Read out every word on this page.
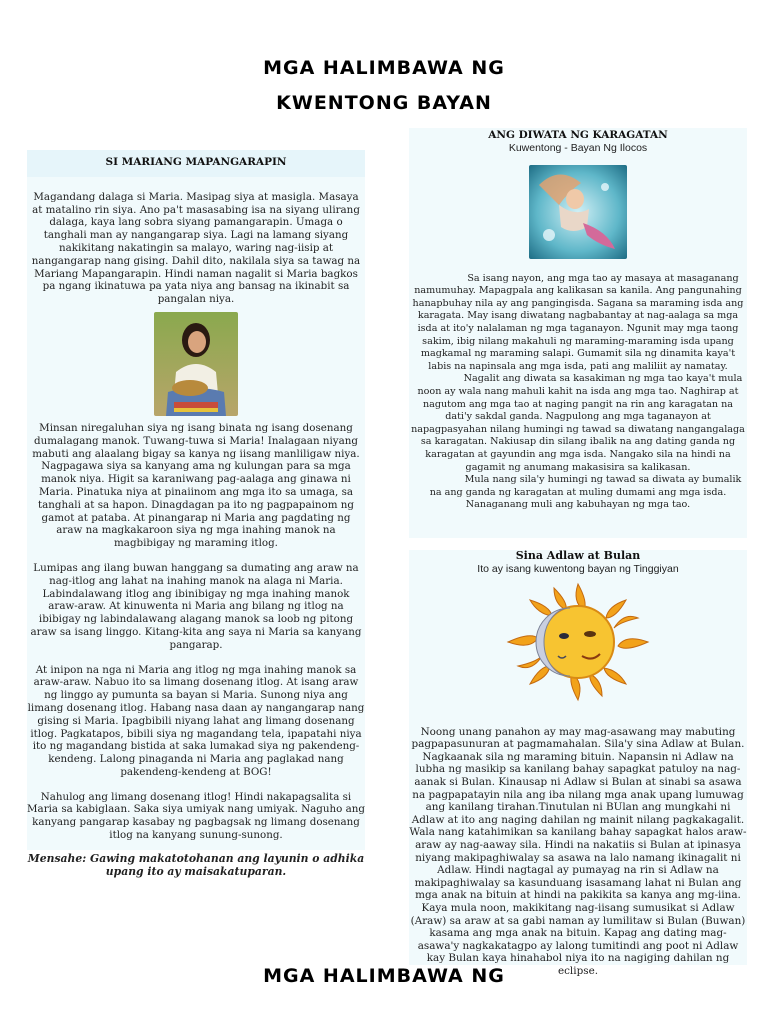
MGA HALIMBAWA NG
KWENTONG BAYAN

SI MARIANG MAPANGARAPIN

Magandang dalaga si Maria. Masipag siya at masigla. Masaya at matalino rin siya. Ano pa't masasabing isa na siyang ulirang dalaga, kaya lang sobra siyang pamangarapin. Umaga o tanghali man ay nangangarap siya. Lagi na lamang siyang nakikitang nakatingin sa malayo, waring nag-iisip at nangangarap nang gising. Dahil dito, nakilala siya sa tawag na Mariang Mapangarapin. Hindi naman nagalit si Maria bagkos pa ngang ikinatuwa pa yata niya ang bansag na ikinabit sa pangalan niya.

Minsan niregaluhan siya ng isang binata ng isang dosenang dumalagang manok. Tuwang-tuwa si Maria! Inalagaan niyang mabuti ang alaalang bigay sa kanya ng iisang manliligaw niya. Nagpagawa siya sa kanyang ama ng kulungan para sa mga manok niya. Higit sa karaniwang pag-aalaga ang ginawa ni Maria. Pinatuka niya at pinaiinom ang mga ito sa umaga, sa tanghali at sa hapon. Dinagdagan pa ito ng pagpapainom ng gamot at pataba. At pinangarap ni Maria ang pagdating ng araw na magkakaroon siya ng mga inahing manok na magbibigay ng maraming itlog.

Lumipas ang ilang buwan hanggang sa dumating ang araw na nag-itlog ang lahat na inahing manok na alaga ni Maria. Labindalawang itlog ang ibinibigay ng mga inahing manok araw-araw. At kinuwenta ni Maria ang bilang ng itlog na ibibigay ng labindalawang alagang manok sa loob ng pitong araw sa isang linggo. Kitang-kita ang saya ni Maria sa kanyang pangarap.

At inipon na nga ni Maria ang itlog ng mga inahing manok sa araw-araw. Nabuo ito sa limang dosenang itlog. At isang araw ng linggo ay pumunta sa bayan si Maria. Sunong niya ang limang dosenang itlog. Habang nasa daan ay nangangarap nang gising si Maria. Ipagbibili niyang lahat ang limang dosenang itlog. Pagkatapos, bibili siya ng magandang tela, ipapatahi niya ito ng magandang bistida at saka lumakad siya ng pakendeng-kendeng. Lalong pinaganda ni Maria ang paglakad nang pakendeng-kendeng at BOG!

Nahulog ang limang dosenang itlog! Hindi nakapagsalita si Maria sa kabiglaan. Saka siya umiyak nang umiyak. Naguho ang kanyang pangarap kasabay ng pagbagsak ng limang dosenang itlog na kanyang sunung-sunong.

Mensahe: Gawing makatotohanan ang layunin o adhika upang ito ay maisakatuparan.

ANG DIWATA NG KARAGATAN

Kuwentong - Bayan Ng Ilocos

Sa isang nayon, ang mga tao ay masaya at masaganang namumuhay. Mapagpala ang kalikasan sa kanila. Ang pangunahing hanapbuhay nila ay ang pangingisda. Sagana sa maraming isda ang karagata. May isang diwatang nagbabantay at nag-aalaga sa mga isda at ito'y nalalaman ng mga taganayon. Ngunit may mga taong sakim, ibig nilang makahuli ng maraming-maraming isda upang magkamal ng maraming salapi. Gumamit sila ng dinamita kaya't labis na napinsala ang mga isda, pati ang maliliit ay namatay.

Nagalit ang diwata sa kasakiman ng mga tao kaya't mula noon ay wala nang mahuli kahit na isda ang mga tao. Naghirap at nagutom ang mga tao at naging pangit na rin ang karagatan na dati'y sakdal ganda. Nagpulong ang mga taganayon at napagpasyahan nilang humingi ng tawad sa diwatang nangangalaga sa karagatan. Nakiusap din silang ibalik na ang dating ganda ng karagatan at gayundin ang mga isda. Nangako sila na hindi na gagamit ng anumang makasisira sa kalikasan.

Mula nang sila'y humingi ng tawad sa diwata ay bumalik na ang ganda ng karagatan at muling dumami ang mga isda. Nanaganang muli ang kabuhayan ng mga tao.

Sina Adlaw at Bulan

Ito ay isang kuwentong bayan ng Tinggiyan

Noong unang panahon ay may mag-asawang may mabuting pagpapasunuran at pagmamahalan. Sila'y sina Adlaw at Bulan. Nagkaanak sila ng maraming bituin. Napansin ni Adlaw na lubha ng masikip sa kanilang bahay sapagkat patuloy na nag-aanak si Bulan. Kinausap ni Adlaw si Bulan at sinabi sa asawa na pagpapatayin nila ang iba nilang mga anak upang lumuwag ang kanilang tirahan.Tinutulan ni BUlan ang mungkahi ni Adlaw at ito ang naging dahilan ng mainit nilang pagkakagalit. Wala nang katahimikan sa kanilang bahay sapagkat halos araw-araw ay nag-aaway sila. Hindi na nakatiis si Bulan at ipinasya niyang makipaghiwalay sa asawa na lalo namang ikinagalit ni Adlaw. Hindi nagtagal ay pumayag na rin si Adlaw na makipaghiwalay sa kasunduang isasamang lahat ni Bulan ang mga anak na bituin at hindi na pakikita sa kanya ang mg-iina.

Kaya mula noon, makikitang nag-iisang sumusikat si Adlaw (Araw) sa araw at sa gabi naman ay lumilitaw si Bulan (Buwan) kasama ang mga anak na bituin. Kapag ang dating mag-asawa'y nagkakatagpo ay lalong tumitindi ang poot ni Adlaw kay Bulan kaya hinahabol niya ito na nagiging dahilan ng eclipse.

MGA HALIMBAWA NG
